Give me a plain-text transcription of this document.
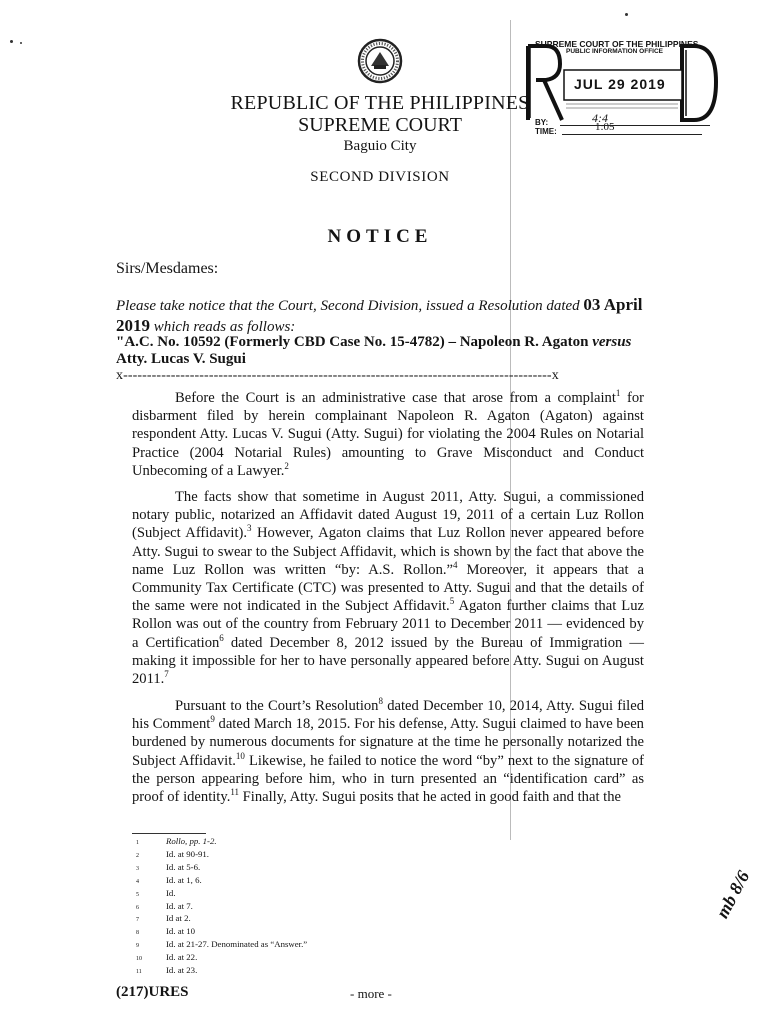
REPUBLIC OF THE PHILIPPINES
SUPREME COURT
Baguio City
SECOND DIVISION
NOTICE
SUPREME COURT OF THE PHILIPPINES
PUBLIC INFORMATION OFFICE
JUL 29 2019
BY:
TIME:
4:4
1:05
Sirs/Mesdames:
Please take notice that the Court, Second Division, issued a Resolution dated 03 April 2019 which reads as follows:
"A.C. No. 10592 (Formerly CBD Case No. 15-4782) – Napoleon R. Agaton versus Atty. Lucas V. Sugui
x------------------------------------------------------------------------------------------x
Before the Court is an administrative case that arose from a complaint$^1$ for disbarment filed by herein complainant Napoleon R. Agaton (Agaton) against respondent Atty. Lucas V. Sugui (Atty. Sugui) for violating the 2004 Rules on Notarial Practice (2004 Notarial Rules) amounting to Grave Misconduct and Conduct Unbecoming of a Lawyer.$^2$
The facts show that sometime in August 2011, Atty. Sugui, a commissioned notary public, notarized an Affidavit dated August 19, 2011 of a certain Luz Rollon (Subject Affidavit).$^3$ However, Agaton claims that Luz Rollon never appeared before Atty. Sugui to swear to the Subject Affidavit, which is shown by the fact that above the name Luz Rollon was written “by: A.S. Rollon.”$^4$ Moreover, it appears that a Community Tax Certificate (CTC) was presented to Atty. Sugui and that the details of the same were not indicated in the Subject Affidavit.$^5$ Agaton further claims that Luz Rollon was out of the country from February 2011 to December 2011 — evidenced by a Certification$^6$ dated December 8, 2012 issued by the Bureau of Immigration — making it impossible for her to have personally appeared before Atty. Sugui on August 2011.$^7$
Pursuant to the Court’s Resolution$^8$ dated December 10, 2014, Atty. Sugui filed his Comment$^9$ dated March 18, 2015. For his defense, Atty. Sugui claimed to have been burdened by numerous documents for signature at the time he personally notarized the Subject Affidavit.$^{10}$ Likewise, he failed to notice the word “by” next to the signature of the person appearing before him, who in turn presented an “identification card” as proof of identity.$^{11}$ Finally, Atty. Sugui posits that he acted in good faith and that the
1	Rollo, pp. 1-2.
2	Id. at 90-91.
3	Id. at 5-6.
4	Id. at 1, 6.
5	Id.
6	Id. at 7.
7	Id at 2.
8	Id. at 10
9	Id. at 21-27. Denominated as “Answer.”
10	Id. at 22.
11	Id. at 23.
mb 8/6
(217)URES	- more -
